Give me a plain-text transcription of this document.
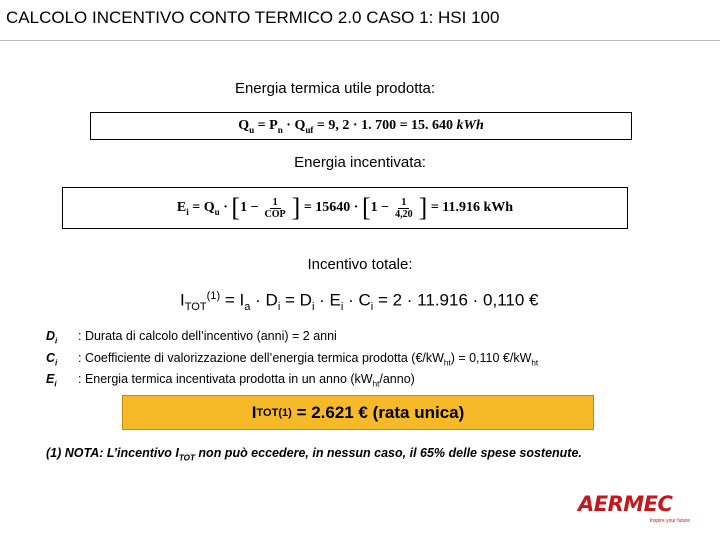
CALCOLO INCENTIVO CONTO TERMICO 2.0 CASO 1: HSI 100
Energia termica utile prodotta:
$Q_u$
=
$P_n$
·
$Q_{uf}$
= 9, 2 · 1. 700 = 15. 640
kWh
Energia incentivata:
$E_i$
=
$Q_u$
·
[ $1 - \frac{1}{\text{COP}}$ ]
= 15640 ·
[ $1 - \frac{1}{4,20}$ ]
= 11.916 kWh
Incentivo totale:
$I_{TOT}^{(1)} = I_a \cdot D_i = D_i \cdot E_i \cdot C_i = 2 \cdot 11.916 \cdot 0,110$ €
$D_i$ : Durata di calcolo dell’incentivo (anni) = 2 anni
$C_i$ : Coefficiente di valorizzazione dell’energia termica prodotta $(€/kW_{ht}) = 0,110$ $€/kW_{ht}$
$E_i$ : Energia termica incentivata prodotta in un anno $(kW_{ht}/anno)$
I TOT (1)
= 2.621 € (rata unica)
(1) NOTA: L’incentivo $I_{TOT}$ non può eccedere, in nessun caso, il 65% delle spese sostenute.
AERMEC
Inspire your future
